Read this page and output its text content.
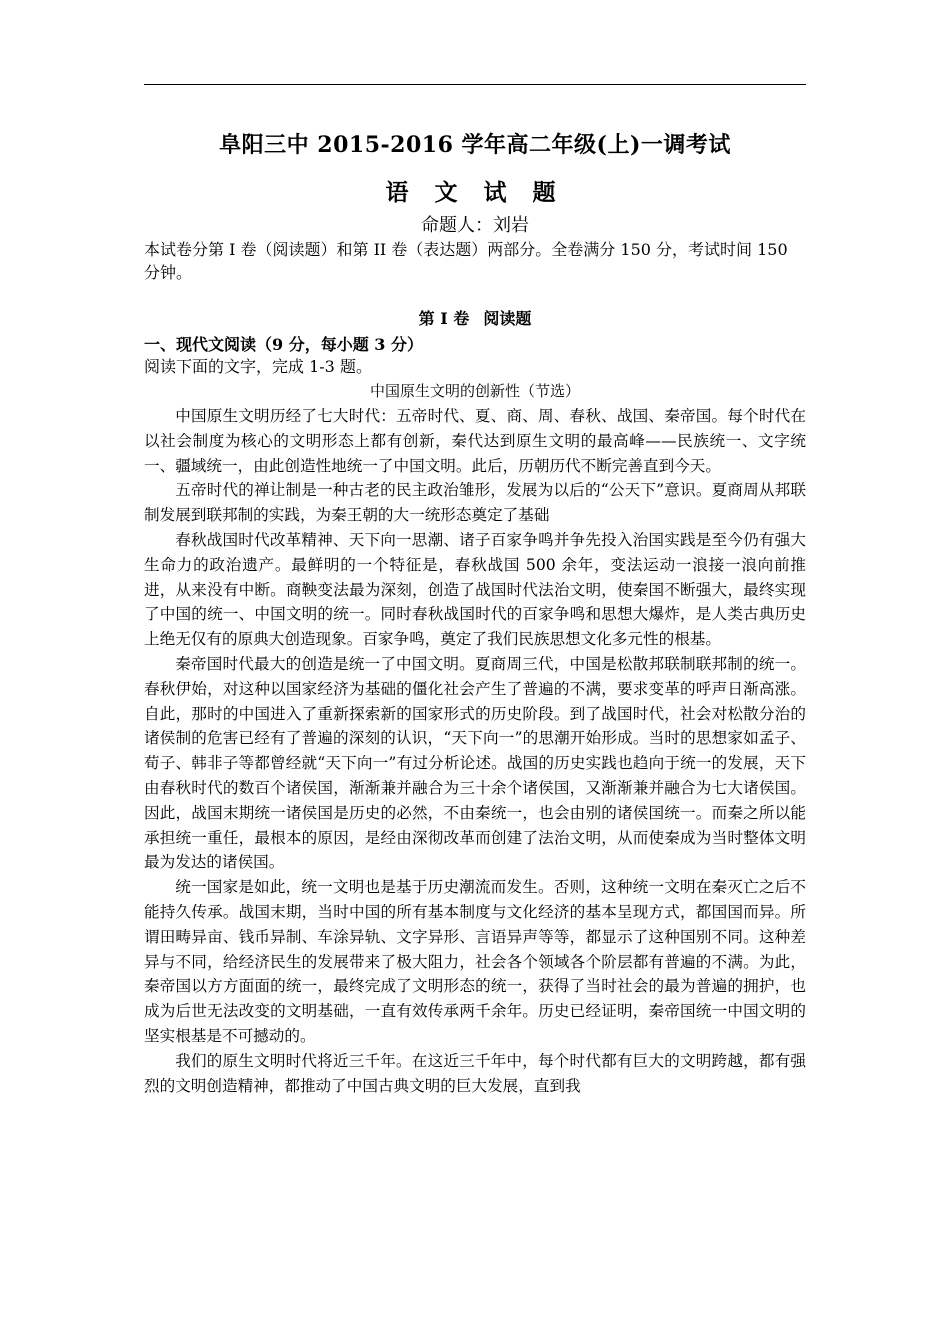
阜阳三中 2015-2016 学年高二年级(上)一调考试
语 文 试 题

命题人：刘岩

本试卷分第 I 卷（阅读题）和第 II 卷（表达题）两部分。全卷满分 150 分，考试时间 150 分钟。

第 I 卷 阅读题

一、现代文阅读（9 分，每小题 3 分）

阅读下面的文字，完成 1-3 题。

中国原生文明的创新性（节选）

中国原生文明历经了七大时代：五帝时代、夏、商、周、春秋、战国、秦帝国。每个时代在以社会制度为核心的文明形态上都有创新，秦代达到原生文明的最高峰——民族统一、文字统一、疆域统一，由此创造性地统一了中国文明。此后，历朝历代不断完善直到今天。

五帝时代的禅让制是一种古老的民主政治雏形，发展为以后的“公天下”意识。夏商周从邦联制发展到联邦制的实践，为秦王朝的大一统形态奠定了基础

春秋战国时代改革精神、天下向一思潮、诸子百家争鸣并争先投入治国实践是至今仍有强大生命力的政治遗产。最鲜明的一个特征是，春秋战国 500 余年，变法运动一浪接一浪向前推进，从来没有中断。商鞅变法最为深刻，创造了战国时代法治文明，使秦国不断强大，最终实现了中国的统一、中国文明的统一。同时春秋战国时代的百家争鸣和思想大爆炸，是人类古典历史上绝无仅有的原典大创造现象。百家争鸣，奠定了我们民族思想文化多元性的根基。

秦帝国时代最大的创造是统一了中国文明。夏商周三代，中国是松散邦联制联邦制的统一。春秋伊始，对这种以国家经济为基础的僵化社会产生了普遍的不满，要求变革的呼声日渐高涨。自此，那时的中国进入了重新探索新的国家形式的历史阶段。到了战国时代，社会对松散分治的诸侯制的危害已经有了普遍的深刻的认识，“天下向一”的思潮开始形成。当时的思想家如孟子、荀子、韩非子等都曾经就“天下向一”有过分析论述。战国的历史实践也趋向于统一的发展，天下由春秋时代的数百个诸侯国，渐渐兼并融合为三十余个诸侯国，又渐渐兼并融合为七大诸侯国。因此，战国末期统一诸侯国是历史的必然，不由秦统一，也会由别的诸侯国统一。而秦之所以能承担统一重任，最根本的原因，是经由深彻改革而创建了法治文明，从而使秦成为当时整体文明最为发达的诸侯国。

统一国家是如此，统一文明也是基于历史潮流而发生。否则，这种统一文明在秦灭亡之后不能持久传承。战国末期，当时中国的所有基本制度与文化经济的基本呈现方式，都国国而异。所谓田畴异亩、钱币异制、车涂异轨、文字异形、言语异声等等，都显示了这种国别不同。这种差异与不同，给经济民生的发展带来了极大阻力，社会各个领域各个阶层都有普遍的不满。为此，秦帝国以方方面面的统一，最终完成了文明形态的统一，获得了当时社会的最为普遍的拥护，也成为后世无法改变的文明基础，一直有效传承两千余年。历史已经证明，秦帝国统一中国文明的坚实根基是不可撼动的。

我们的原生文明时代将近三千年。在这近三千年中，每个时代都有巨大的文明跨越，都有强烈的文明创造精神，都推动了中国古典文明的巨大发展，直到我
